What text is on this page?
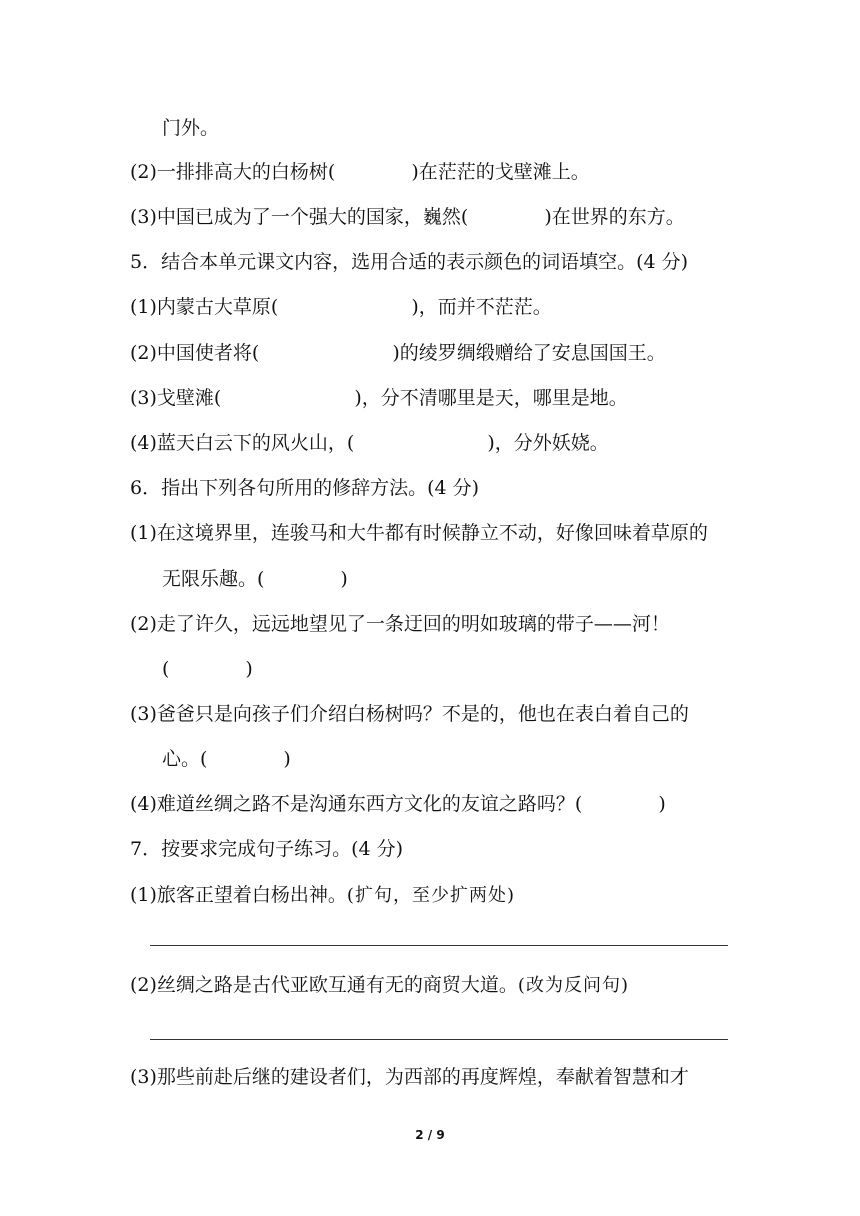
门外。
(2)一排排高大的白杨树(　　　　)在茫茫的戈壁滩上。
(3)中国已成为了一个强大的国家，巍然(　　　　)在世界的东方。
5．结合本单元课文内容，选用合适的表示颜色的词语填空。(4 分)
(1)内蒙古大草原(　　　　　　　)，而并不茫茫。
(2)中国使者将(　　　　　　　)的绫罗绸缎赠给了安息国国王。
(3)戈壁滩(　　　　　　　)，分不清哪里是天，哪里是地。
(4)蓝天白云下的风火山，(　　　　　　　)，分外妖娆。
6．指出下列各句所用的修辞方法。(4 分)
(1)在这境界里，连骏马和大牛都有时候静立不动，好像回味着草原的
无限乐趣。(　　　　)
(2)走了许久，远远地望见了一条迂回的明如玻璃的带子——河！
(　　　　)
(3)爸爸只是向孩子们介绍白杨树吗？不是的，他也在表白着自己的
心。(　　　　)
(4)难道丝绸之路不是沟通东西方文化的友谊之路吗？(　　　　)
7．按要求完成句子练习。(4 分)
(1)旅客正望着白杨出神。(扩句，至少扩两处)
(2)丝绸之路是古代亚欧互通有无的商贸大道。(改为反问句)
(3)那些前赴后继的建设者们，为西部的再度辉煌，奉献着智慧和才
2 / 9
